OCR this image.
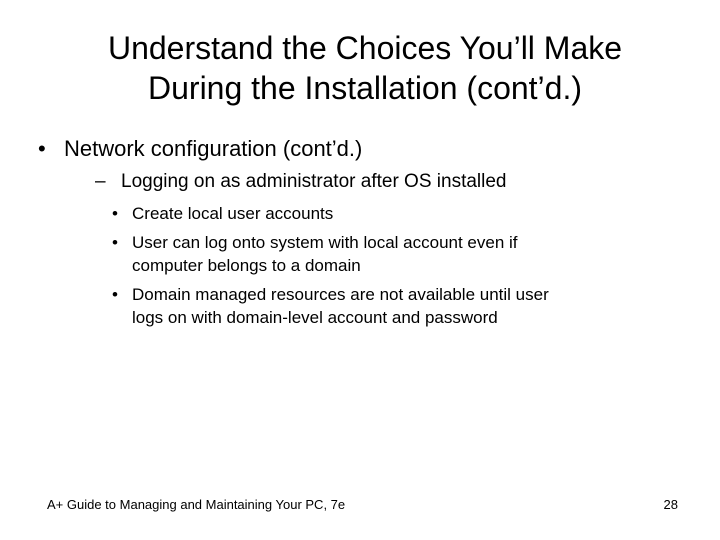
Understand the Choices You’ll Make
During the Installation (cont’d.)
• Network configuration (cont’d.)
– Logging on as administrator after OS installed
• Create local user accounts
• User can log onto system with local account even if
computer belongs to a domain
• Domain managed resources are not available until user
logs on with domain-level account and password
A+ Guide to Managing and Maintaining Your PC, 7e	28
